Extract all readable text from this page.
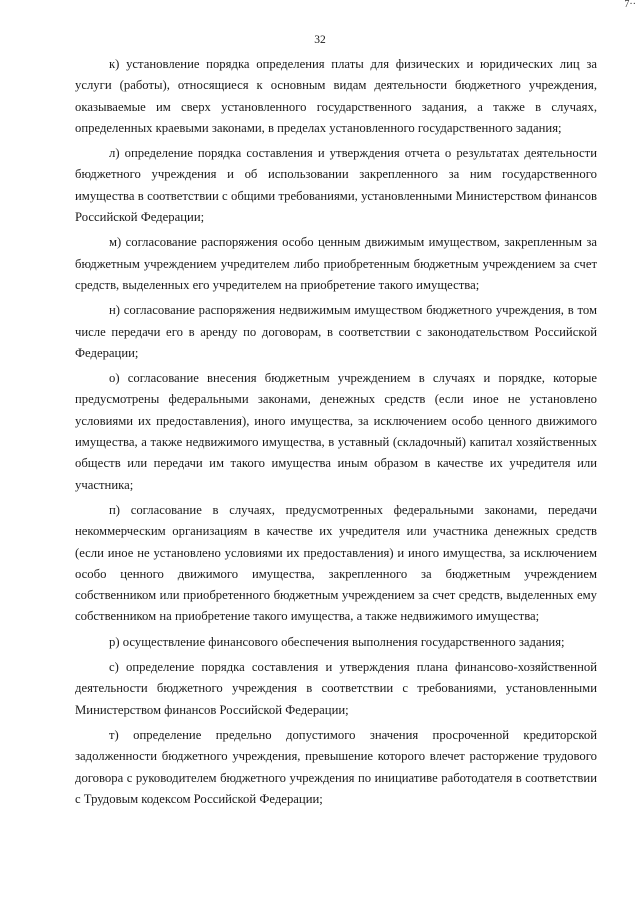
7··
32

к) установление порядка определения платы для физических и юридических лиц за услуги (работы), относящиеся к основным видам деятельности бюджетного учреждения, оказываемые им сверх установленного государственного задания, а также в случаях, определенных краевыми законами, в пределах установленного государственного задания;

л) определение порядка составления и утверждения отчета о результатах деятельности бюджетного учреждения и об использовании закрепленного за ним государственного имущества в соответствии с общими требованиями, установленными Министерством финансов Российской Федерации;

м) согласование распоряжения особо ценным движимым имуществом, закрепленным за бюджетным учреждением учредителем либо приобретенным бюджетным учреждением за счет средств, выделенных его учредителем на приобретение такого имущества;

н) согласование распоряжения недвижимым имуществом бюджетного учреждения, в том числе передачи его в аренду по договорам, в соответствии с законодательством Российской Федерации;

о) согласование внесения бюджетным учреждением в случаях и порядке, которые предусмотрены федеральными законами, денежных средств (если иное не установлено условиями их предоставления), иного имущества, за исключением особо ценного движимого имущества, а также недвижимого имущества, в уставный (складочный) капитал хозяйственных обществ или передачи им такого имущества иным образом в качестве их учредителя или участника;

п) согласование в случаях, предусмотренных федеральными законами, передачи некоммерческим организациям в качестве их учредителя или участника денежных средств (если иное не установлено условиями их предоставления) и иного имущества, за исключением особо ценного движимого имущества, закрепленного за бюджетным учреждением собственником или приобретенного бюджетным учреждением за счет средств, выделенных ему собственником на приобретение такого имущества, а также недвижимого имущества;

р) осуществление финансового обеспечения выполнения государственного задания;

с) определение порядка составления и утверждения плана финансово-хозяйственной деятельности бюджетного учреждения в соответствии с требованиями, установленными Министерством финансов Российской Федерации;

т) определение предельно допустимого значения просроченной кредиторской задолженности бюджетного учреждения, превышение которого влечет расторжение трудового договора с руководителем бюджетного учреждения по инициативе работодателя в соответствии с Трудовым кодексом Российской Федерации;
